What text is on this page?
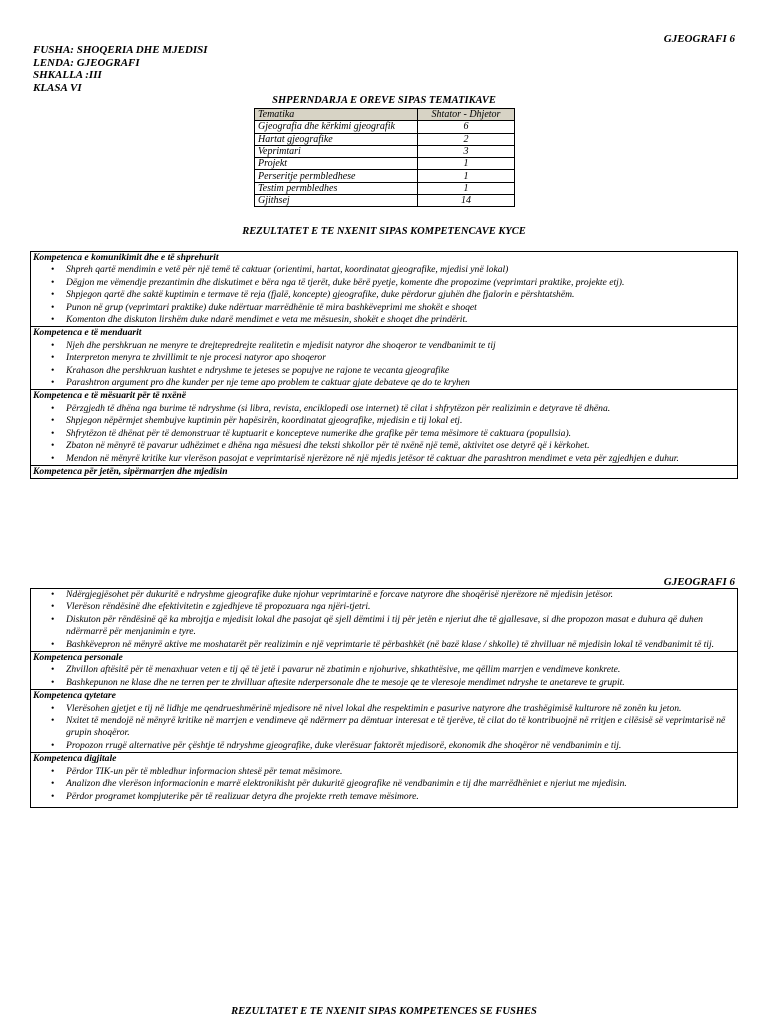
GJEOGRAFI 6
FUSHA: SHOQERIA DHE MJEDISI
LENDA: GJEOGRAFI
SHKALLA :III
KLASA VI
SHPERNDARJA E OREVE SIPAS TEMATIKAVE
Tematika	Shtator - Dhjetor
Gjeografia dhe kërkimi gjeografik	6
Hartat gjeografike	2
Veprimtari	3
Projekt	1
Perseritje permbledhese	1
Testim permbledhes	1
Gjithsej	14
REZULTATET E TE NXENIT SIPAS KOMPETENCAVE KYCE
Kompetenca e komunikimit dhe e të shprehurit
• Shpreh qartë mendimin e vetë për një temë të caktuar (orientimi, hartat, koordinatat gjeografike, mjedisi ynë lokal)
• Dëgjon me vëmendje prezantimin dhe diskutimet e bëra nga të tjerët, duke bërë pyetje, komente dhe propozime (veprimtari praktike, projekte etj).
• Shpjegon qartë dhe saktë kuptimin e termave të reja (fjalë, koncepte) gjeografike, duke përdorur gjuhën dhe fjalorin e përshtatshëm.
• Punon në grup (veprimtari praktike) duke ndërtuar marrëdhënie të mira bashkëveprimi me shokët e shoqet
• Komenton dhe diskuton lirshëm duke ndarë mendimet e veta me mësuesin, shokët e shoqet dhe prindërit.
Kompetenca e të menduarit
• Njeh dhe pershkruan ne menyre te drejtepredrejte realitetin e mjedisit natyror dhe shoqeror te vendbanimit te tij
• Interpreton menyra te zhvillimit te nje procesi natyror apo shoqeror
• Krahason dhe pershkruan kushtet e ndryshme te jeteses se popujve ne rajone te vecanta gjeografike
• Parashtron argument pro dhe kunder per nje teme apo problem te caktuar gjate debateve qe do te kryhen
Kompetenca e të mësuarit për të nxënë
• Përzgjedh të dhëna nga burime të ndryshme (si libra, revista, enciklopedi ose internet) të cilat i shfrytëzon për realizimin e detyrave të dhëna.
• Shpjegon nëpërmjet shembujve kuptimin për hapësirën, koordinatat gjeografike, mjedisin e tij lokal etj.
• Shfrytëzon të dhënat për të demonstruar të kuptuarit e koncepteve numerike dhe grafike për tema mësimore të caktuara (popullsia).
• Zbaton në mënyrë të pavarur udhëzimet e dhëna nga mësuesi dhe teksti shkollor për të nxënë një temë, aktivitet ose detyrë që i kërkohet.
• Mendon në mënyrë kritike kur vlerëson pasojat e veprimtarisë njerëzore në një mjedis jetësor të caktuar dhe parashtron mendimet e veta për zgjedhjen e duhur.
Kompetenca për jetën, sipërmarrjen dhe mjedisin
GJEOGRAFI 6
• Ndërgjegjësohet për dukuritë e ndryshme gjeografike duke njohur veprimtarinë e forcave natyrore dhe shoqërisë njerëzore në mjedisin jetësor.
• Vlerëson rëndësinë dhe efektivitetin e zgjedhjeve të propozuara nga njëri-tjetri.
• Diskuton për rëndësinë që ka mbrojtja e mjedisit lokal dhe pasojat që sjell dëmtimi i tij për jetën e njeriut dhe të gjallesave, si dhe propozon masat e duhura që duhen ndërmarrë për menjanimin e tyre.
• Bashkëvepron në mënyrë aktive me moshatarët për realizimin e një veprimtarie të përbashkët (në bazë klase / shkolle) të zhvilluar në mjedisin lokal të vendbanimit të tij.
Kompetenca personale
• Zhvillon aftësitë për të menaxhuar veten e tij që të jetë i pavarur në zbatimin e njohurive, shkathtësive, me qëllim marrjen e vendimeve konkrete.
• Bashkepunon ne klase dhe ne terren per te zhvilluar aftesite nderpersonale dhe te mesoje qe te vleresoje mendimet ndryshe te anetareve te grupit.
Kompetenca qytetare
• Vlerësohen gjetjet e tij në lidhje me qendrueshmërinë mjedisore në nivel lokal dhe respektimin e pasurive natyrore dhe trashëgimisë kulturore në zonën ku jeton.
• Nxitet të mendojë në mënyrë kritike në marrjen e vendimeve që ndërmerr pa dëmtuar interesat e të tjerëve, të cilat do të kontribuojnë në rritjen e cilësisë së veprimtarisë në grupin shoqëror.
• Propozon rrugë alternative për çështje të ndryshme gjeografike, duke vlerësuar faktorët mjedisorë, ekonomik dhe shoqëror në vendbanimin e tij.
Kompetenca digjitale
• Përdor TIK-un për të mbledhur informacion shtesë për temat mësimore.
• Analizon dhe vlerëson informacionin e marrë elektronikisht për dukuritë gjeografike në vendbanimin e tij dhe marrëdhëniet e njeriut me mjedisin.
• Përdor programet kompjuterike për të realizuar detyra dhe projekte rreth temave mësimore.
REZULTATET E TE NXENIT SIPAS KOMPETENCES SE FUSHES
